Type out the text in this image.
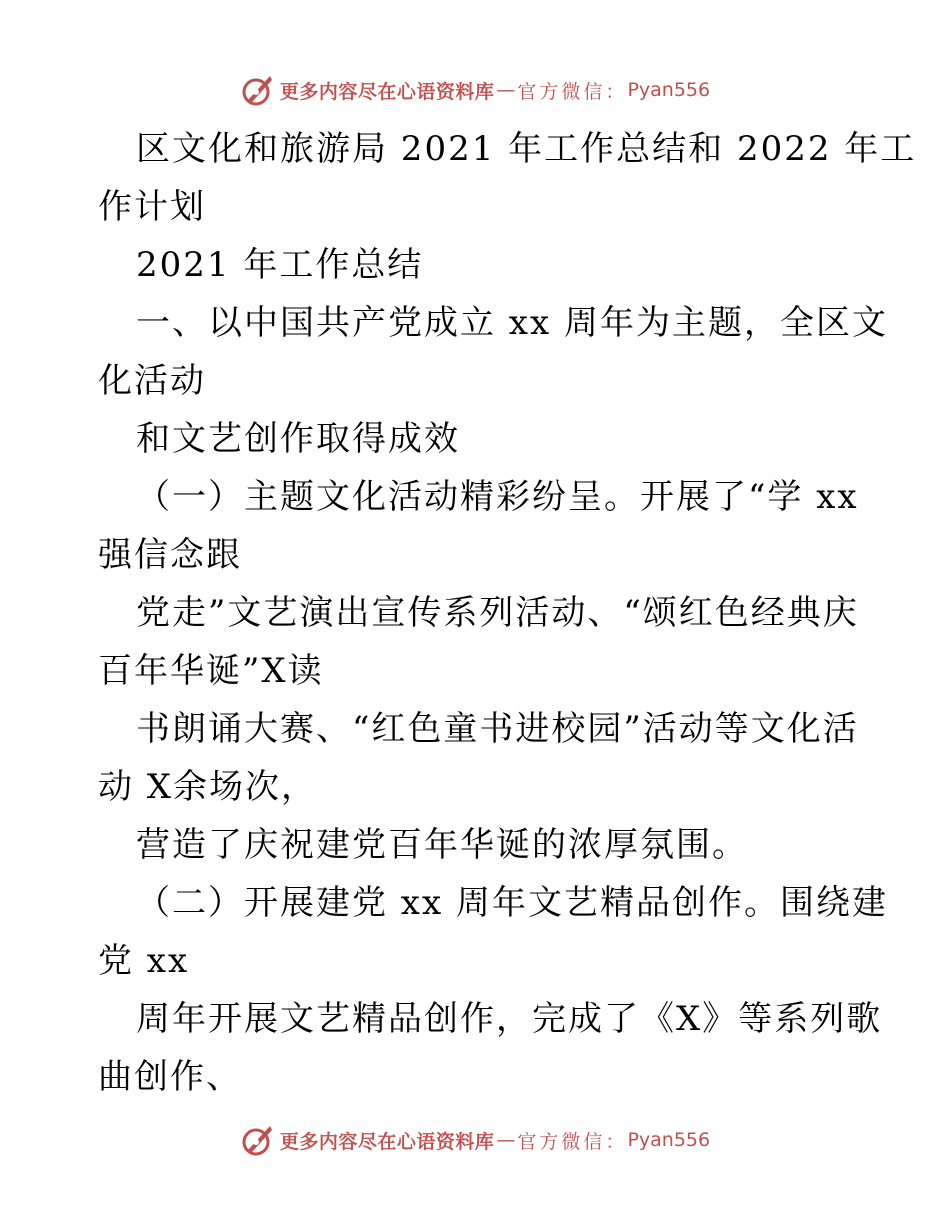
更多内容尽在心语资料库 — 官方微信： Pyan556
区文化和旅游局 2021 年工作总结和 2022 年工
作计划
2021 年工作总结
一、以中国共产党成立 xx 周年为主题，全区文
化活动
和文艺创作取得成效
（一）主题文化活动精彩纷呈。开展了“学 xx
强信念跟
党走”文艺演出宣传系列活动、“颂红色经典庆
百年华诞”X读
书朗诵大赛、“红色童书进校园”活动等文化活
动 X余场次，
营造了庆祝建党百年华诞的浓厚氛围。
（二）开展建党 xx 周年文艺精品创作。围绕建
党 xx
周年开展文艺精品创作，完成了《X》等系列歌
曲创作、
更多内容尽在心语资料库 — 官方微信： Pyan556
